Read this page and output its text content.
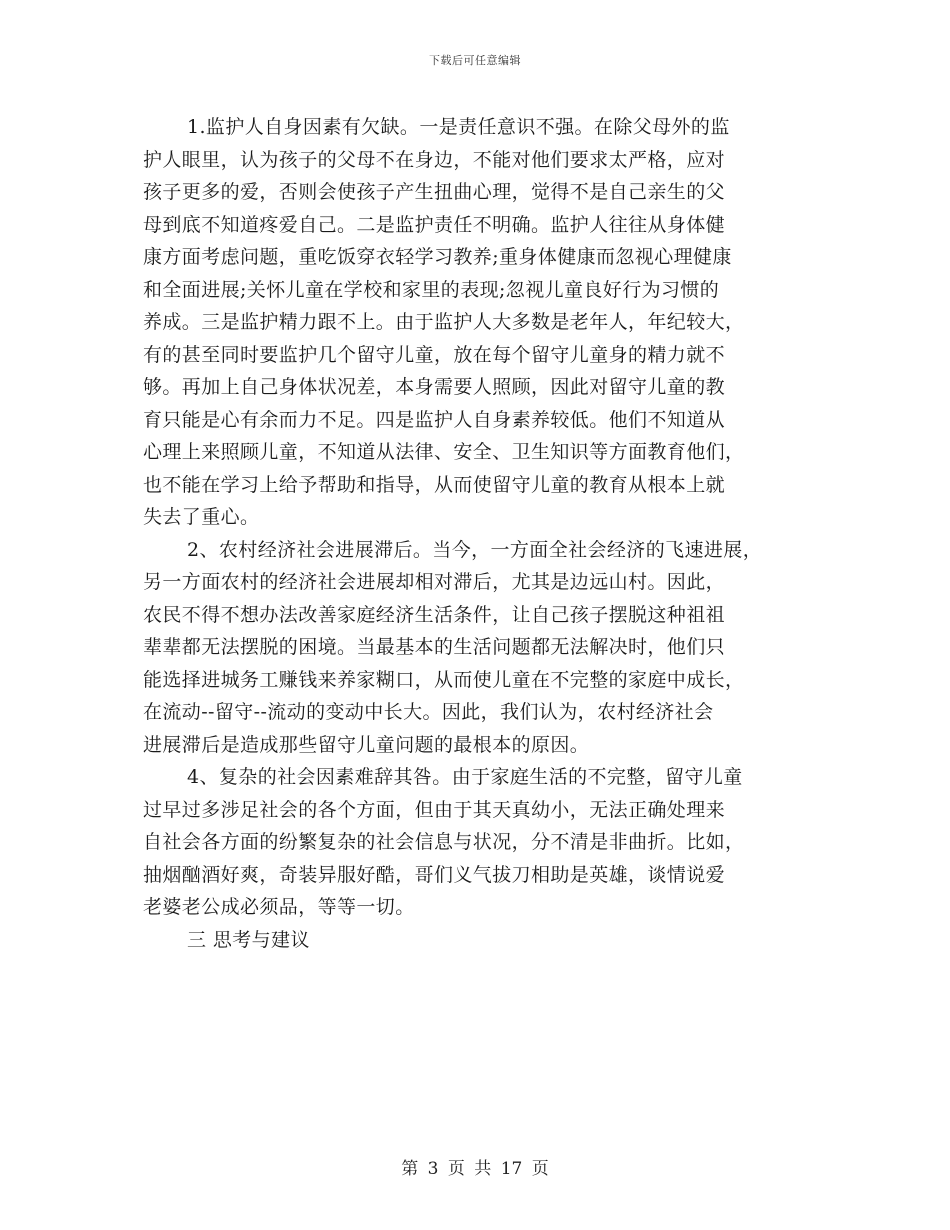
下载后可任意编辑
1.监护人自身因素有欠缺。一是责任意识不强。在除父母外的监
护人眼里，认为孩子的父母不在身边，不能对他们要求太严格，应对
孩子更多的爱，否则会使孩子产生扭曲心理，觉得不是自己亲生的父
母到底不知道疼爱自己。二是监护责任不明确。监护人往往从身体健
康方面考虑问题，重吃饭穿衣轻学习教养;重身体健康而忽视心理健康
和全面进展;关怀儿童在学校和家里的表现;忽视儿童良好行为习惯的
养成。三是监护精力跟不上。由于监护人大多数是老年人，年纪较大，
有的甚至同时要监护几个留守儿童，放在每个留守儿童身的精力就不
够。再加上自己身体状况差，本身需要人照顾，因此对留守儿童的教
育只能是心有余而力不足。四是监护人自身素养较低。他们不知道从
心理上来照顾儿童，不知道从法律、安全、卫生知识等方面教育他们，
也不能在学习上给予帮助和指导，从而使留守儿童的教育从根本上就
失去了重心。
2、农村经济社会进展滞后。当今，一方面全社会经济的飞速进展，
另一方面农村的经济社会进展却相对滞后，尤其是边远山村。因此，
农民不得不想办法改善家庭经济生活条件，让自己孩子摆脱这种祖祖
辈辈都无法摆脱的困境。当最基本的生活问题都无法解决时，他们只
能选择进城务工赚钱来养家糊口，从而使儿童在不完整的家庭中成长，
在流动--留守--流动的变动中长大。因此，我们认为，农村经济社会
进展滞后是造成那些留守儿童问题的最根本的原因。
4、复杂的社会因素难辞其咎。由于家庭生活的不完整，留守儿童
过早过多涉足社会的各个方面，但由于其天真幼小，无法正确处理来
自社会各方面的纷繁复杂的社会信息与状况，分不清是非曲折。比如，
抽烟酗酒好爽，奇装异服好酷，哥们义气拔刀相助是英雄，谈情说爱
老婆老公成必须品，等等一切。
三 思考与建议
第 3 页 共 17 页
